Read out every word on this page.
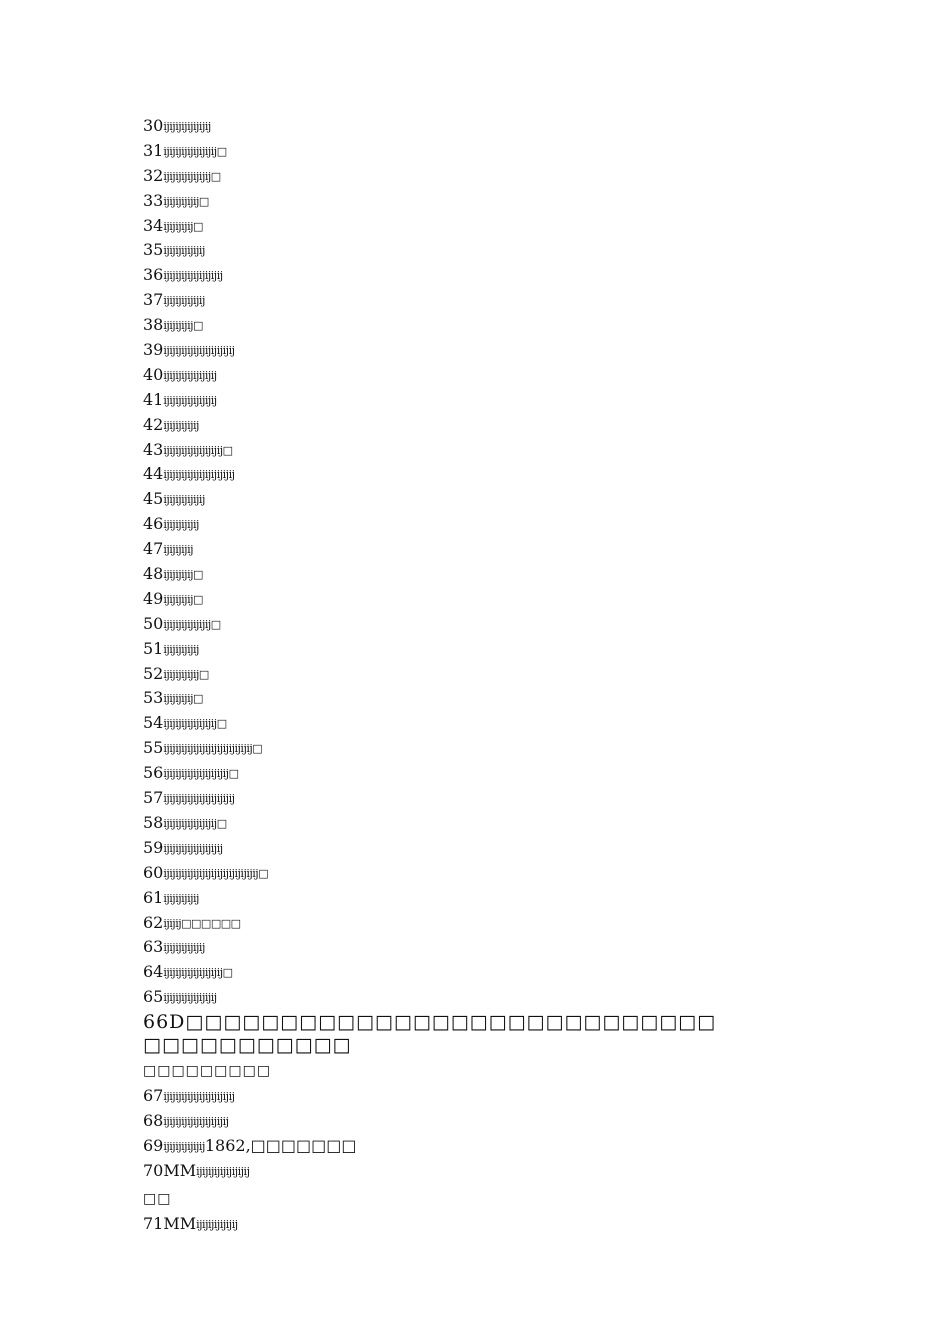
30ijijijijijijijij
31ijijijijijijijijij□
32ijijijijijijijij□
33ijijijijijij□
34ijijijijij□
35ijijijijijijij
36ijijijijijijijijijij
37ijijijijijijij
38ijijijijij□
39ijijijijijijijijijijijij
40ijijijijijijijijij
41ijijijijijijijijij
42ijijijijijij
43ijijijijijijijijijij□
44ijijijijijijijijijijijij
45ijijijijijijij
46ijijijijijij
47ijijijijij
48ijijijijij□
49ijijijijij□
50ijijijijijijijij□
51ijijijijijij
52ijijijijijij□
53ijijijijij□
54ijijijijijijijijij□
55ijijijijijijijijijijijijijijij□
56ijijijijijijijijijijij□
57ijijijijijijijijijijijij
58ijijijijijijijijij□
59ijijijijijijijijijij
60ijijijijijijijijijijijijijijijij□
61ijijijijijij
62ijijij□□□□□□
63ijijijijijijij
64ijijijijijijijijijij□
65ijijijijijijijijij
66D□□□□□□□□□□□□□□□□□□□□□□□□□□□□
□□□□□□□□□□□
□□□□□□□□□
67ijijijijijijijijijijijij
68ijijijijijijijijijijij
69ijijijijijijij1862,□□□□□□□
70MMijijijijijijijijij
□□
71MMijijijijijijij
